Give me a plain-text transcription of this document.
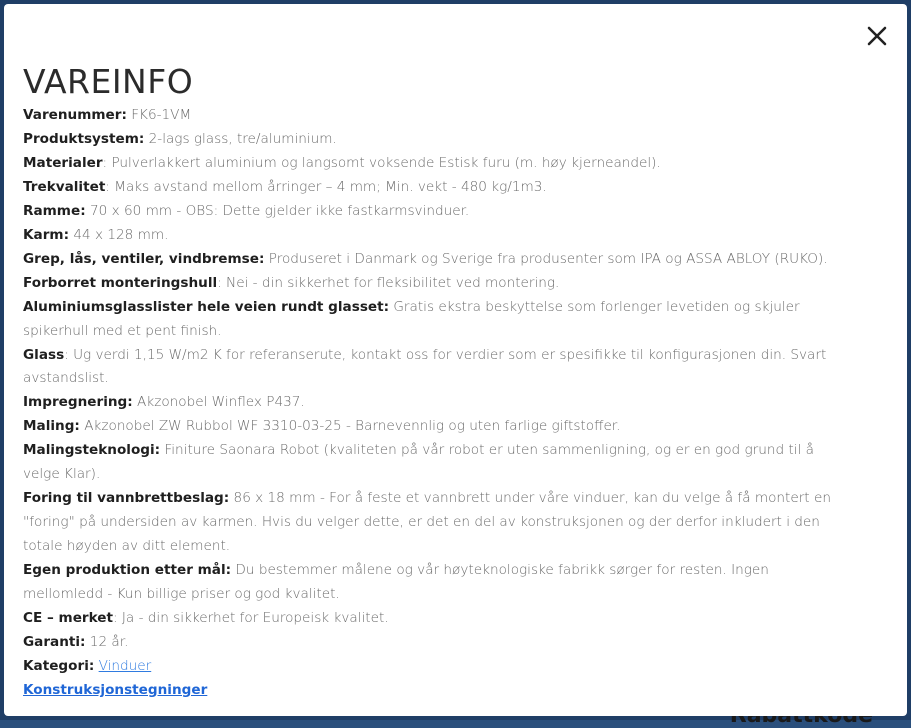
VAREINFO

Varenummer: FK6-1VM

Produktsystem: 2-lags glass, tre/aluminium.

Materialer: Pulverlakkert aluminium og langsomt voksende Estisk furu (m. høy kjerneandel).

Trekvalitet: Maks avstand mellom årringer – 4 mm; Min. vekt - 480 kg/1m3.

Ramme: 70 x 60 mm - OBS: Dette gjelder ikke fastkarmsvinduer.

Karm: 44 x 128 mm.

Grep, lås, ventiler, vindbremse: Produseret i Danmark og Sverige fra produsenter som IPA og ASSA ABLOY (RUKO).

Forborret monteringshull: Nei - din sikkerhet for fleksibilitet ved montering.

Aluminiumsglasslister hele veien rundt glasset: Gratis ekstra beskyttelse som forlenger levetiden og skjuler
spikerhull med et pent finish.

Glass: Ug verdi 1,15 W/m2 K for referanserute, kontakt oss for verdier som er spesifikke til konfigurasjonen din. Svart
avstandslist.

Impregnering: Akzonobel Winflex P437.

Maling: Akzonobel ZW Rubbol WF 3310-03-25 - Barnevennlig og uten farlige giftstoffer.

Malingsteknologi: Finiture Saonara Robot (kvaliteten på vår robot er uten sammenligning, og er en god grund til å
velge Klar).

Foring til vannbrettbeslag: 86 x 18 mm - For å feste et vannbrett under våre vinduer, kan du velge å få montert en
"foring" på undersiden av karmen. Hvis du velger dette, er det en del av konstruksjonen og der derfor inkludert i den
totale høyden av ditt element.

Egen produktion etter mål: Du bestemmer målene og vår høyteknologiske fabrikk sørger for resten. Ingen
mellomledd - Kun billige priser og god kvalitet.

CE – merket: Ja - din sikkerhet for Europeisk kvalitet.

Garanti: 12 år.

Kategori: Vinduer

Konstruksjonstegninger
